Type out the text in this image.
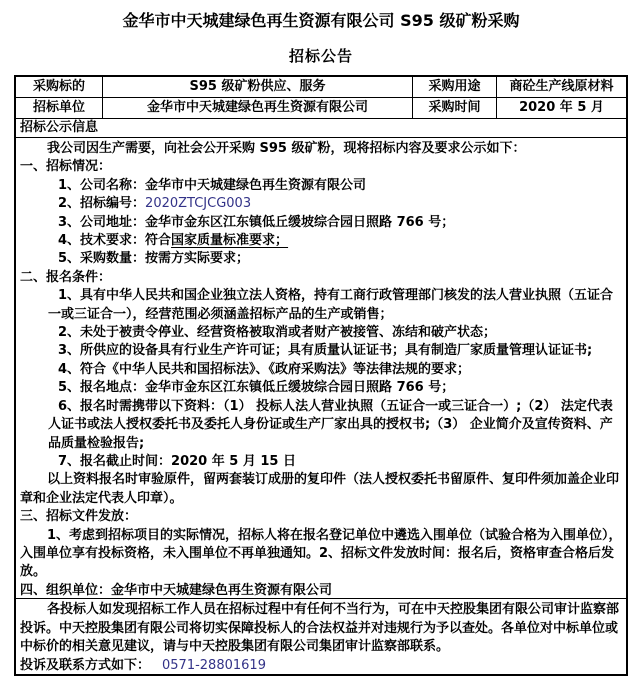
金华市中天城建绿色再生资源有限公司 S95 级矿粉采购
招标公告
采购标的	S95 级矿粉供应、服务	采购用途	商砼生产线原材料
招标单位	金华市中天城建绿色再生资源有限公司	采购时间	2020 年 5 月
招标公示信息

我公司因生产需要，向社会公开采购 S95 级矿粉，现将招标内容及要求公示如下：

一、招标情况：

1、公司名称：金华市中天城建绿色再生资源有限公司

2、招标编号：2020ZTCJCG003

3、公司地址：金华市金东区江东镇低丘缓坡综合园日照路 766 号；

4、技术要求：符合国家质量标准要求；

5、采购数量：按需方实际要求；

二、报名条件：

1、具有中华人民共和国企业独立法人资格，持有工商行政管理部门核发的法人营业执照（五证合一或三证合一），经营范围必须涵盖招标产品的生产或销售；

2、未处于被责令停业、经营资格被取消或者财产被接管、冻结和破产状态；

3、所供应的设备具有行业生产许可证；具有质量认证证书；具有制造厂家质量管理认证证书;

4、符合《中华人民共和国招标法》、《政府采购法》等法律法规的要求；

5、报名地点：金华市金东区江东镇低丘缓坡综合园日照路 766 号；

6、报名时需携带以下资料：（1） 投标人法人营业执照（五证合一或三证合一）;（2） 法定代表人证书或法人授权委托书及委托人身份证或生产厂家出具的授权书;（3） 企业简介及宣传资料、产品质量检验报告;

7、报名截止时间：2020 年 5 月 15 日

以上资料报名时审验原件，留两套装订成册的复印件（法人授权委托书留原件、复印件须加盖企业印章和企业法定代表人印章）。

三、招标文件发放：

1、考虑到招标项目的实际情况，招标人将在报名登记单位中遴选入围单位（试验合格为入围单位），入围单位享有投标资格，未入围单位不再单独通知。2、招标文件发放时间：报名后，资格审查合格后发放。

四、组织单位：金华市中天城建绿色再生资源有限公司

各投标人如发现招标工作人员在招标过程中有任何不当行为，可在中天控股集团有限公司审计监察部投诉。中天控股集团有限公司将切实保障投标人的合法权益并对违规行为予以查处。各单位对中标单位或中标价的相关意见建议，请与中天控股集团有限公司集团审计监察部联系。

投诉及联系方式如下： 0571-28801619
